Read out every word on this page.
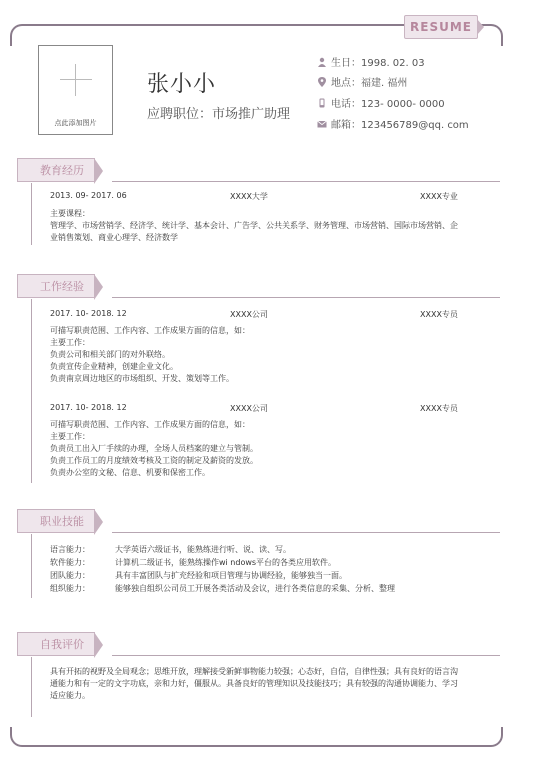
RESUME
点此添加图片
张小小
应聘职位：市场推广助理
生日：1998. 02. 03
地点：福建. 福州
电话：123- 0000- 0000
邮箱：123456789@qq. com
教育经历
2013. 09- 2017. 06	XXXX大学	XXXX专业
主要课程：
管理学、市场营销学、经济学、统计学、基本会计、广告学、公共关系学、财务管理、市场营销、国际市场营销、企业销售策划、商业心理学、经济数学
工作经验
2017. 10- 2018. 12	XXXX公司	XXXX专员
可描写职责范围、工作内容、工作成果方面的信息，如：
主要工作：
负责公司和相关部门的对外联络。
负责宣传企业精神，创建企业文化。
负责南京周边地区的市场组织、开发、策划等工作。
2017. 10- 2018. 12	XXXX公司	XXXX专员
可描写职责范围、工作内容、工作成果方面的信息，如：
主要工作：
负责员工出入厂手续的办理，全场人员档案的建立与管制。
负责工作员工的月度绩效考核及工资的制定及薪资的发放。
负责办公室的文秘、信息、机要和保密工作。
职业技能
语言能力：	大学英语六级证书，能熟练进行听、说、读、写。
软件能力：	计算机二级证书，能熟练操作wi ndows平台的各类应用软件。
团队能力：	具有丰富团队与扩充经验和项目管理与协调经验，能够独当一面。
组织能力：	能够独自组织公司员工开展各类活动及会议，进行各类信息的采集、分析、整理
自我评价
具有开拓的视野及全局观念；思维开放，理解接受新鲜事物能力较强；心态好，自信，自律性强；具有良好的语言沟通能力和有一定的文字功底，亲和力好，僵服从。具备良好的管理知识及技能技巧；具有较强的沟通协调能力、学习适应能力。
